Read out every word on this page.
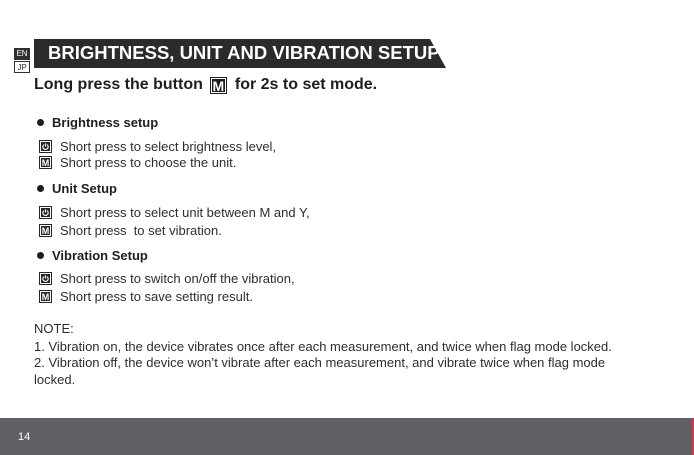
EN
JP
BRIGHTNESS, UNIT AND VIBRATION SETUP
Long press the button M for 2s to set mode.
Brightness setup
Short press to select brightness level,
M Short press to choose the unit.
Unit Setup
Short press to select unit between M and Y,
M Short press  to set vibration.
Vibration Setup
Short press to switch on/off the vibration,
M Short press to save setting result.
NOTE:
1. Vibration on, the device vibrates once after each measurement, and twice when flag mode locked.
2. Vibration off, the device won’t vibrate after each measurement, and vibrate twice when flag mode
locked.
14
